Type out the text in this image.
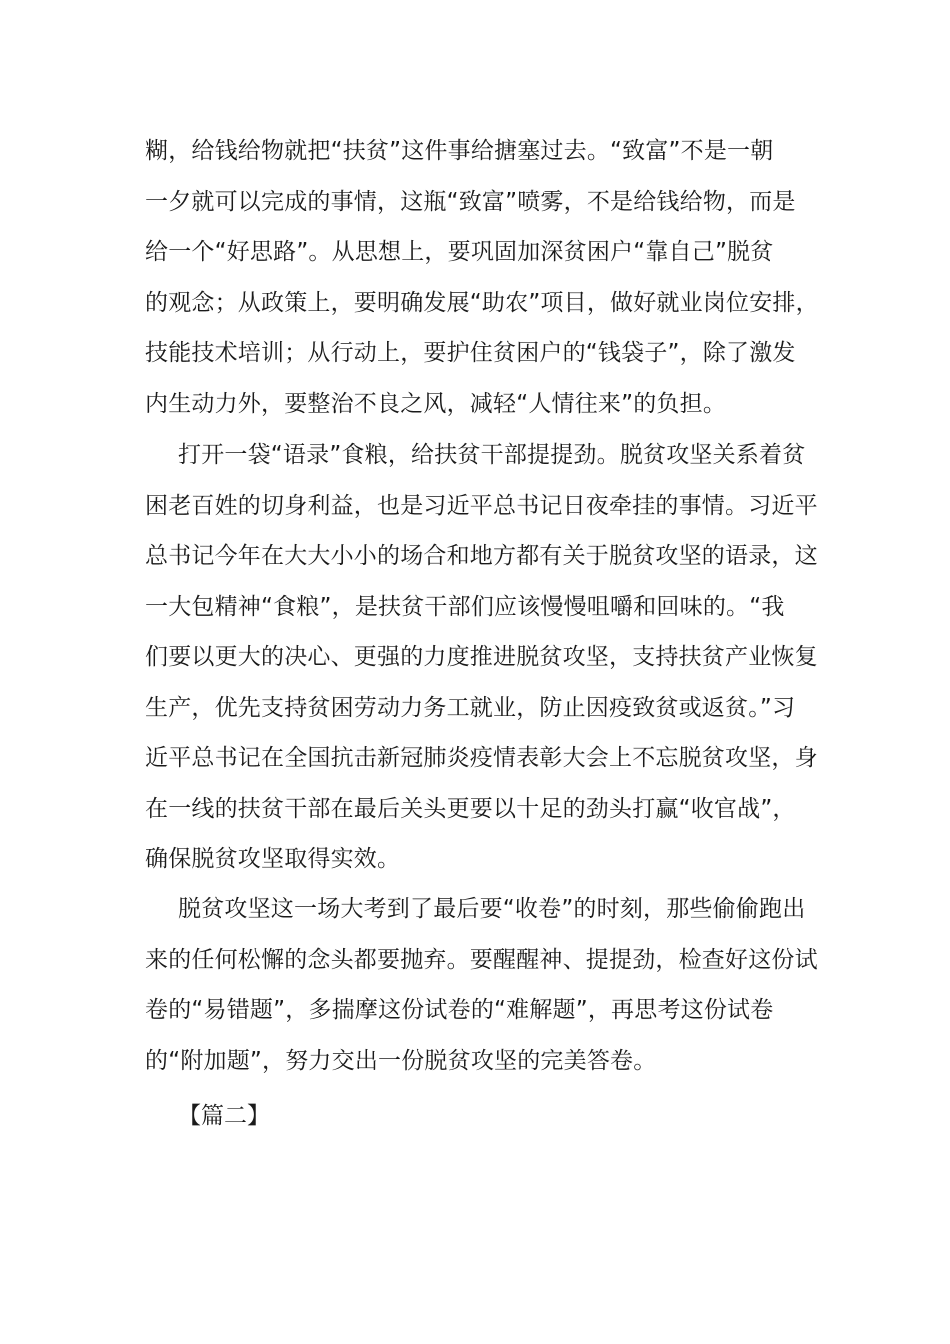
糊，给钱给物就把“扶贫”这件事给搪塞过去。“致富”不是一朝
一夕就可以完成的事情，这瓶“致富”喷雾，不是给钱给物，而是
给一个“好思路”。从思想上，要巩固加深贫困户“靠自己”脱贫
的观念；从政策上，要明确发展“助农”项目，做好就业岗位安排，
技能技术培训；从行动上，要护住贫困户的“钱袋子”，除了激发
内生动力外，要整治不良之风，减轻“人情往来”的负担。
打开一袋“语录”食粮，给扶贫干部提提劲。脱贫攻坚关系着贫
困老百姓的切身利益，也是习近平总书记日夜牵挂的事情。习近平
总书记今年在大大小小的场合和地方都有关于脱贫攻坚的语录，这
一大包精神“食粮”，是扶贫干部们应该慢慢咀嚼和回味的。“我
们要以更大的决心、更强的力度推进脱贫攻坚，支持扶贫产业恢复
生产，优先支持贫困劳动力务工就业，防止因疫致贫或返贫。”习
近平总书记在全国抗击新冠肺炎疫情表彰大会上不忘脱贫攻坚，身
在一线的扶贫干部在最后关头更要以十足的劲头打赢“收官战”，
确保脱贫攻坚取得实效。
脱贫攻坚这一场大考到了最后要“收卷”的时刻，那些偷偷跑出
来的任何松懈的念头都要抛弃。要醒醒神、提提劲，检查好这份试
卷的“易错题”，多揣摩这份试卷的“难解题”，再思考这份试卷
的“附加题”，努力交出一份脱贫攻坚的完美答卷。
【篇二】
